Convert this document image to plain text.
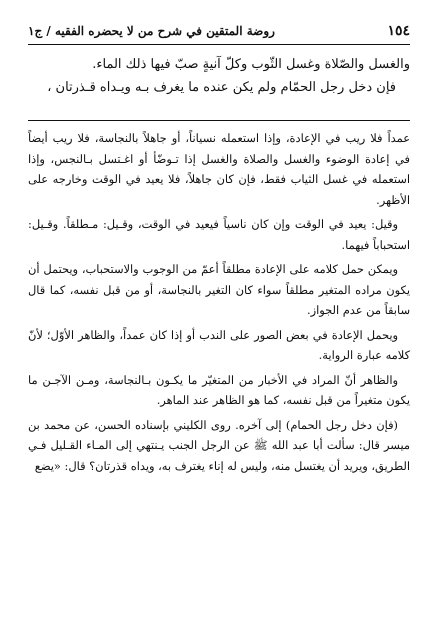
١٥٤
روضة المتقين في شرح من لا يحضره الفقيه / ج١

والغسل والصّلاة وغسل الثّوب وكلّ آنيةٍ صبّ فيها ذلك الماء.

فإن دخل رجل الحمّام ولم يكن عنده ما يغرف بـه ويـداه قـذرتان ،

عمداً فلا ريب في الإعادة، وإذا استعمله نسياناً، أو جاهلاً بالنجاسة، فلا ريب أيضاً في إعادة الوضوء والغسل والصلاة والغسل إذا تـوضّأ أو اغـتسل بـالنجس، وإذا استعمله في غسل الثياب فقط، فإن كان جاهلاً، فلا يعيد في الوقت وخارجه على الأظهر.

وقيل: يعيد في الوقت وإن كان ناسياً فيعيد في الوقت، وقـيل: مـطلقاً. وقـيل: استحباباً فيهما.

ويمكن حمل كلامه على الإعادة مطلقاً أعمّ من الوجوب والاستحباب، ويحتمل أن يكون مراده المتغير مطلقاً سواء كان التغير بالنجاسة، أو من قبل نفسه، كما قال سابقاً من عدم الجواز.

ويحمل الإعادة في بعض الصور على الندب أو إذا كان عمداً، والظاهر الأوّل؛ لأنّ كلامه عبارة الرواية.

والظاهر أنّ المراد في الأخبار من المتغيّر ما يكـون بـالنجاسة، ومـن الآجـن ما يكون متغيراً من قبل نفسه، كما هو الظاهر عند الماهر.

(فإن دخل رجل الحمام) إلى آخره. روى الكليني بإسناده الحسن، عن محمد بن ميسر قال: سألت أبا عبد الله ﷺ عن الرجل الجنب يـنتهي إلى المـاء القـليل فـي الطريق، ويريد أن يغتسل منه، وليس له إناء يغترف به، ويداه قذرتان؟ قال: «يضع
